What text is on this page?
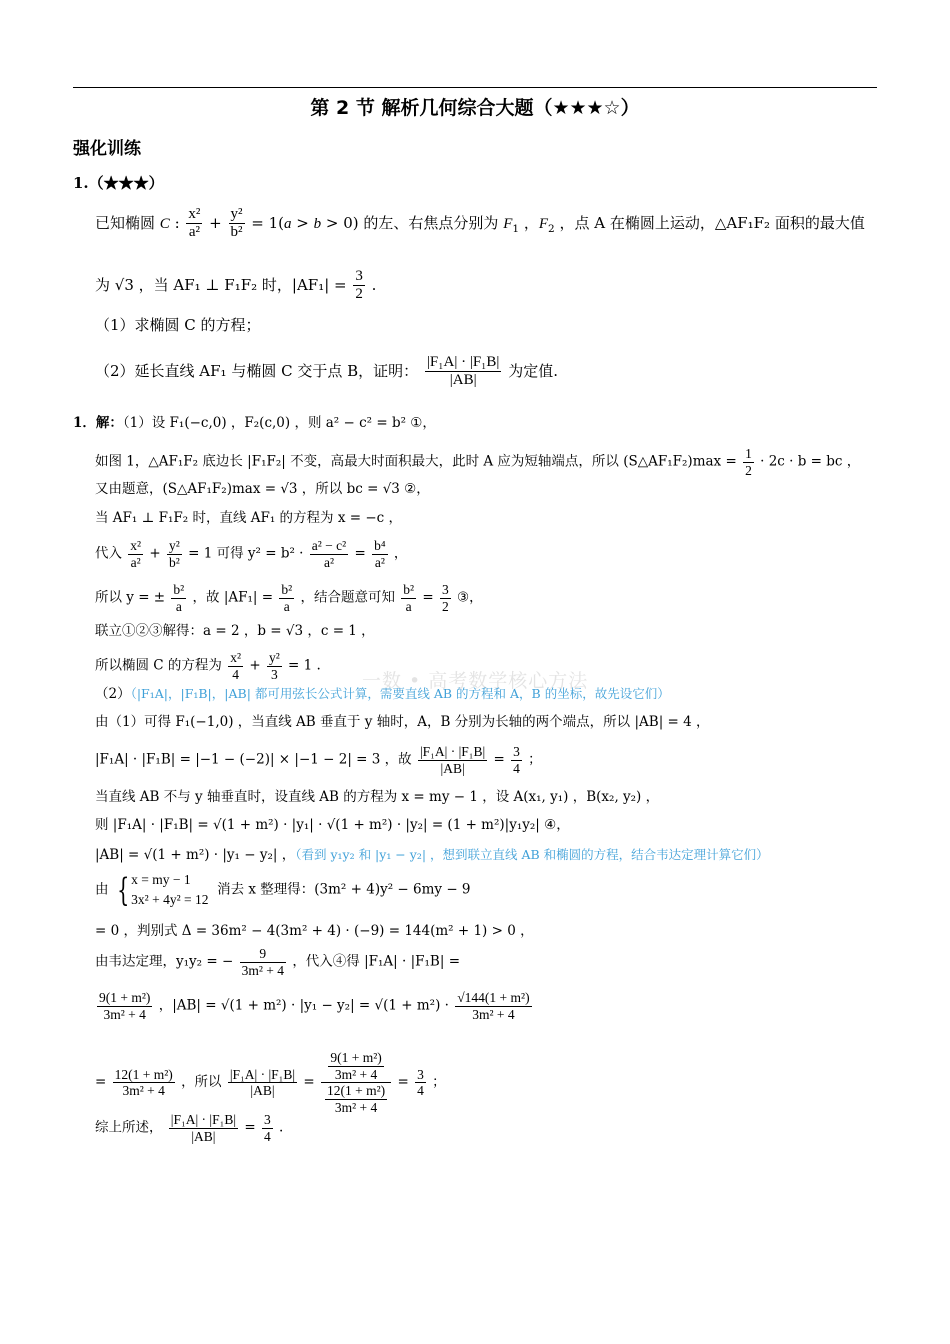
第 2 节 解析几何综合大题（★★★☆）
强化训练
1.（★★★）
已知椭圆 C : $\frac{\text{x²}}{\text{a²}} + \frac{\text{y²}}{\text{b²}} = 1(a > b > 0)$ 的左、右焦点分别为 $F_1$ ，$F_2$ ，点 A 在椭圆上运动，△AF₁F₂ 面积的最大值
为 √3 ，当 AF₁ ⊥ F₁F₂ 时，$|AF_1| = \frac{3}{2}$ .
（1）求椭圆 C 的方程；
（2）延长直线 AF₁ 与椭圆 C 交于点 B，证明： $\frac{\text{|F₁A| · |F₁B|}}{|AB|}$ 为定值.
1．解：（1）设 F₁(−c,0) ，F₂(c,0) ，则 a² − c² = b² ①，
如图 1，△AF₁F₂ 底边长 |F₁F₂| 不变，高最大时面积最大，此时 A 应为短轴端点，所以 (S△AF₁F₂)max = $\frac{1}{2} \cdot 2c \cdot b$ = bc ，
又由题意，(S△AF₁F₂)max = √3 ，所以 bc = √3 ②，
当 AF₁ ⊥ F₁F₂ 时，直线 AF₁ 的方程为 x = −c ，
代入 $\frac{\text{x²}}{\text{a²}} + \frac{\text{y²}}{\text{b²}} = 1$ 可得 $y^2 = b^2 \cdot \frac{\text{a² − c²}}{\text{a²}} = \frac{\text{b⁴}}{\text{a²}}$ ，
所以 y = ± $\frac{\text{b²}}{a}$ ，故 $|AF_1| = \frac{\text{b²}}{a}$ ，结合题意可知 $\frac{\text{b²}}{a} = \frac{3}{2}$ ③，
联立①②③解得：a = 2 ，b = √3 ，c = 1 ，
所以椭圆 C 的方程为 $\frac{\text{x²}}{4} + \frac{\text{y²}}{3} = 1$ .
一数 • 高考数学核心方法
（2）（|F₁A|，|F₁B|，|AB| 都可用弦长公式计算，需要直线 AB 的方程和 A，B 的坐标，故先设它们）
由（1）可得 F₁(−1,0) ，当直线 AB 垂直于 y 轴时，A，B 分别为长轴的两个端点，所以 |AB| = 4 ，
|F₁A| · |F₁B| = |−1 − (−2)| × |−1 − 2| = 3 ，故 $\frac{\text{|F₁A| · |F₁B|}}{|AB|} = \frac{3}{4}$ ；
当直线 AB 不与 y 轴垂直时，设直线 AB 的方程为 x = my − 1 ，设 A(x₁, y₁) ，B(x₂, y₂) ，
则 |F₁A| · |F₁B| = √(1 + m²) · |y₁| · √(1 + m²) · |y₂| = (1 + m²)|y₁y₂| ④，
|AB| = √(1 + m²) · |y₁ − y₂| ，（看到 y₁y₂ 和 |y₁ − y₂| ，想到联立直线 AB 和椭圆的方程，结合韦达定理计算它们）
由 { x = my − 1
3x² + 4y² = 12  消去 x 整理得：(3m² + 4)y² − 6my − 9
= 0 ，判别式 Δ = 36m² − 4(3m² + 4) · (−9) = 144(m² + 1) > 0 ，
由韦达定理，y₁y₂ = − $\frac{9}{\text{3m² + 4}}$ ，代入④得 |F₁A| · |F₁B| =
$\frac{\text{9(1 + m²)}}{\text{3m² + 4}}$ ，$|AB| = √(1 + m^2) \cdot |y_1 - y_2| = √(1 + m^2) \cdot \frac{\text{√144(1 + m²)}}{\text{3m² + 4}}$
= $\frac{\text{12(1 + m²)}}{\text{3m² + 4}}$ ，所以 $\frac{\text{|F₁A| · |F₁B|}}{|AB|} = \frac{\frac{\text{9(1 + m²)}}{\text{3m² + 4}}}{\frac{\text{12(1 + m²)}}{\text{3m² + 4}}} = \frac{3}{4}$ ；
综上所述， $\frac{\text{|F₁A| · |F₁B|}}{|AB|} = \frac{3}{4}$ .
